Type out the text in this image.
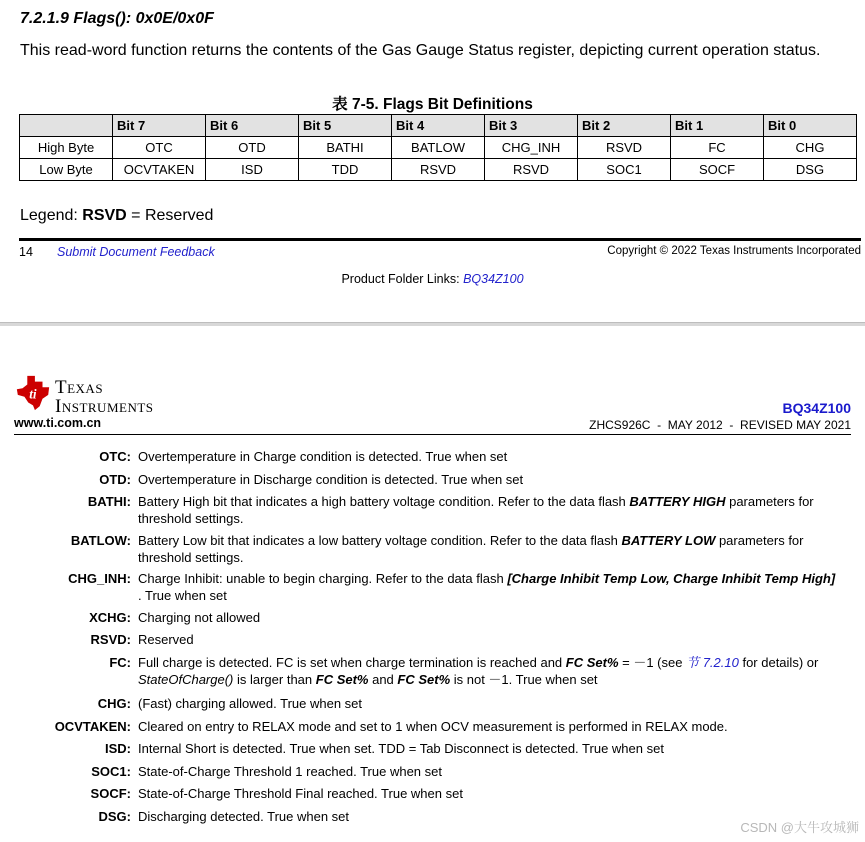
7.2.1.9 Flags(): 0x0E/0x0F
This read-word function returns the contents of the Gas Gauge Status register, depicting current operation status.
表 7-5. Flags Bit Definitions
	Bit 7	Bit 6	Bit 5	Bit 4	Bit 3	Bit 2	Bit 1	Bit 0
High Byte	OTC	OTD	BATHI	BATLOW	CHG_INH	RSVD	FC	CHG
Low Byte	OCVTAKEN	ISD	TDD	RSVD	RSVD	SOC1	SOCF	DSG
Legend: RSVD = Reserved
14 Submit Document Feedback	Copyright © 2022 Texas Instruments Incorporated
Product Folder Links: BQ34Z100
ti Texas
Instruments
www.ti.com.cn
BQ34Z100
ZHCS926C  -  MAY 2012  -  REVISED MAY 2021
OTC: Overtemperature in Charge condition is detected. True when set
OTD: Overtemperature in Discharge condition is detected. True when set
BATHI: Battery High bit that indicates a high battery voltage condition. Refer to the data flash BATTERY HIGH parameters for threshold settings.
BATLOW: Battery Low bit that indicates a low battery voltage condition. Refer to the data flash BATTERY LOW parameters for threshold settings.
CHG_INH: Charge Inhibit: unable to begin charging. Refer to the data flash [Charge Inhibit Temp Low, Charge Inhibit Temp High] . True when set
XCHG: Charging not allowed
RSVD: Reserved
FC: Full charge is detected. FC is set when charge termination is reached and FC Set% = －1 (see 节 7.2.10 for details) or StateOfCharge() is larger than FC Set% and FC Set% is not －1. True when set
CHG: (Fast) charging allowed. True when set
OCVTAKEN: Cleared on entry to RELAX mode and set to 1 when OCV measurement is performed in RELAX mode.
ISD: Internal Short is detected. True when set. TDD = Tab Disconnect is detected. True when set
SOC1: State-of-Charge Threshold 1 reached. True when set
SOCF: State-of-Charge Threshold Final reached. True when set
DSG: Discharging detected. True when set
CSDN @大牛攻城狮
